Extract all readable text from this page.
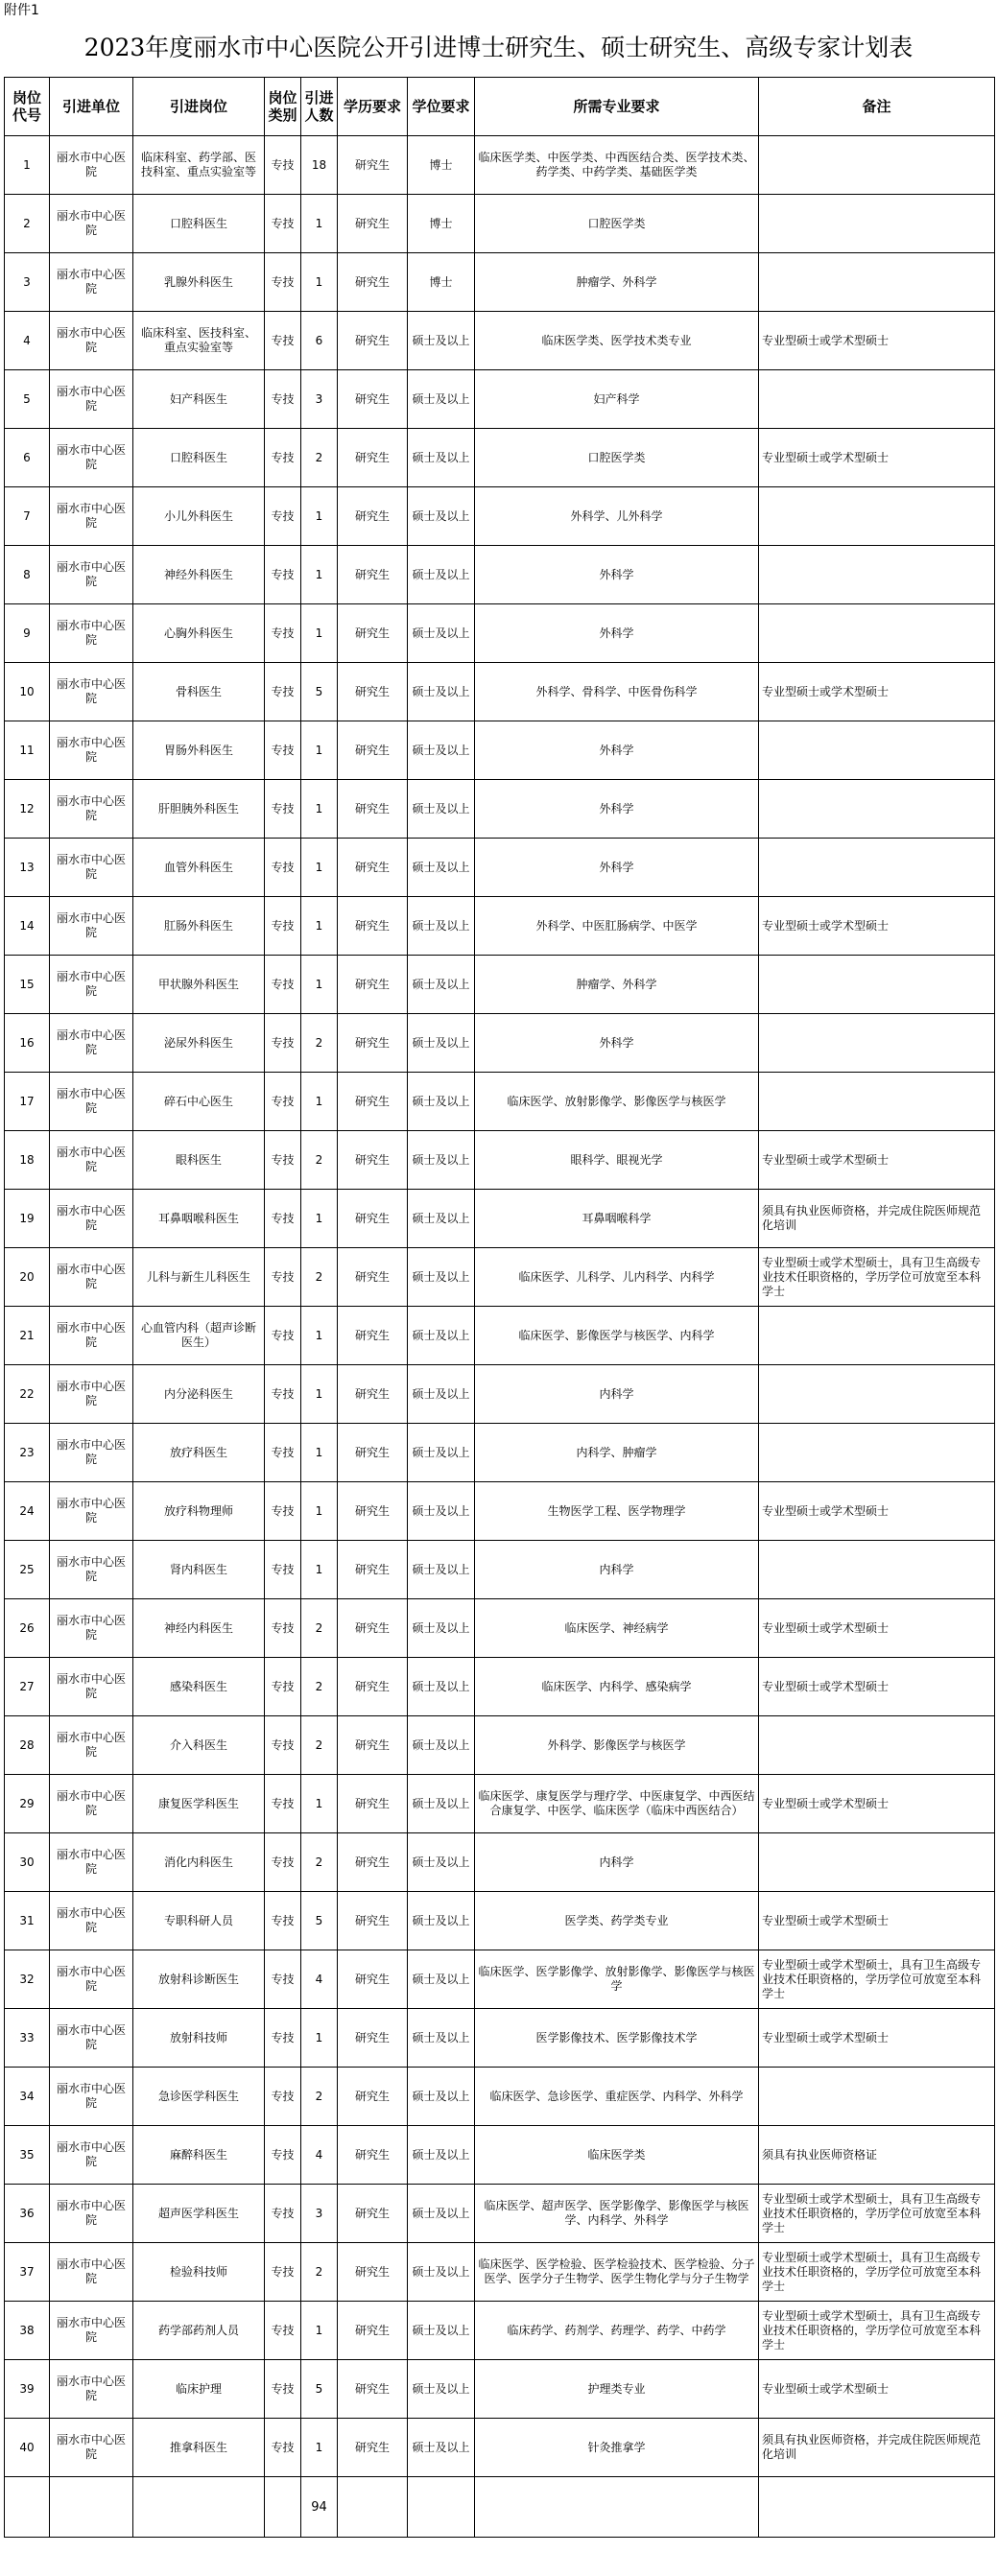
附件1
2023年度丽水市中心医院公开引进博士研究生、硕士研究生、高级专家计划表
岗位代号	引进单位	引进岗位	岗位类别	引进人数	学历要求	学位要求	所需专业要求	备注
1	丽水市中心医院	临床科室、药学部、医技科室、重点实验室等	专技	18	研究生	博士	临床医学类、中医学类、中西医结合类、医学技术类、药学类、中药学类、基础医学类	
2	丽水市中心医院	口腔科医生	专技	1	研究生	博士	口腔医学类	
3	丽水市中心医院	乳腺外科医生	专技	1	研究生	博士	肿瘤学、外科学	
4	丽水市中心医院	临床科室、医技科室、重点实验室等	专技	6	研究生	硕士及以上	临床医学类、医学技术类专业	专业型硕士或学术型硕士
5	丽水市中心医院	妇产科医生	专技	3	研究生	硕士及以上	妇产科学	
6	丽水市中心医院	口腔科医生	专技	2	研究生	硕士及以上	口腔医学类	专业型硕士或学术型硕士
7	丽水市中心医院	小儿外科医生	专技	1	研究生	硕士及以上	外科学、儿外科学	
8	丽水市中心医院	神经外科医生	专技	1	研究生	硕士及以上	外科学	
9	丽水市中心医院	心胸外科医生	专技	1	研究生	硕士及以上	外科学	
10	丽水市中心医院	骨科医生	专技	5	研究生	硕士及以上	外科学、骨科学、中医骨伤科学	专业型硕士或学术型硕士
11	丽水市中心医院	胃肠外科医生	专技	1	研究生	硕士及以上	外科学	
12	丽水市中心医院	肝胆胰外科医生	专技	1	研究生	硕士及以上	外科学	
13	丽水市中心医院	血管外科医生	专技	1	研究生	硕士及以上	外科学	
14	丽水市中心医院	肛肠外科医生	专技	1	研究生	硕士及以上	外科学、中医肛肠病学、中医学	专业型硕士或学术型硕士
15	丽水市中心医院	甲状腺外科医生	专技	1	研究生	硕士及以上	肿瘤学、外科学	
16	丽水市中心医院	泌尿外科医生	专技	2	研究生	硕士及以上	外科学	
17	丽水市中心医院	碎石中心医生	专技	1	研究生	硕士及以上	临床医学、放射影像学、影像医学与核医学	
18	丽水市中心医院	眼科医生	专技	2	研究生	硕士及以上	眼科学、眼视光学	专业型硕士或学术型硕士
19	丽水市中心医院	耳鼻咽喉科医生	专技	1	研究生	硕士及以上	耳鼻咽喉科学	须具有执业医师资格，并完成住院医师规范化培训
20	丽水市中心医院	儿科与新生儿科医生	专技	2	研究生	硕士及以上	临床医学、儿科学、儿内科学、内科学	专业型硕士或学术型硕士，具有卫生高级专业技术任职资格的，学历学位可放宽至本科学士
21	丽水市中心医院	心血管内科（超声诊断医生）	专技	1	研究生	硕士及以上	临床医学、影像医学与核医学、内科学	
22	丽水市中心医院	内分泌科医生	专技	1	研究生	硕士及以上	内科学	
23	丽水市中心医院	放疗科医生	专技	1	研究生	硕士及以上	内科学、肿瘤学	
24	丽水市中心医院	放疗科物理师	专技	1	研究生	硕士及以上	生物医学工程、医学物理学	专业型硕士或学术型硕士
25	丽水市中心医院	肾内科医生	专技	1	研究生	硕士及以上	内科学	
26	丽水市中心医院	神经内科医生	专技	2	研究生	硕士及以上	临床医学、神经病学	专业型硕士或学术型硕士
27	丽水市中心医院	感染科医生	专技	2	研究生	硕士及以上	临床医学、内科学、感染病学	专业型硕士或学术型硕士
28	丽水市中心医院	介入科医生	专技	2	研究生	硕士及以上	外科学、影像医学与核医学	
29	丽水市中心医院	康复医学科医生	专技	1	研究生	硕士及以上	临床医学、康复医学与理疗学、中医康复学、中西医结合康复学、中医学、临床医学（临床中西医结合）	专业型硕士或学术型硕士
30	丽水市中心医院	消化内科医生	专技	2	研究生	硕士及以上	内科学	
31	丽水市中心医院	专职科研人员	专技	5	研究生	硕士及以上	医学类、药学类专业	专业型硕士或学术型硕士
32	丽水市中心医院	放射科诊断医生	专技	4	研究生	硕士及以上	临床医学、医学影像学、放射影像学、影像医学与核医学	专业型硕士或学术型硕士，具有卫生高级专业技术任职资格的，学历学位可放宽至本科学士
33	丽水市中心医院	放射科技师	专技	1	研究生	硕士及以上	医学影像技术、医学影像技术学	专业型硕士或学术型硕士
34	丽水市中心医院	急诊医学科医生	专技	2	研究生	硕士及以上	临床医学、急诊医学、重症医学、内科学、外科学	
35	丽水市中心医院	麻醉科医生	专技	4	研究生	硕士及以上	临床医学类	须具有执业医师资格证
36	丽水市中心医院	超声医学科医生	专技	3	研究生	硕士及以上	临床医学、超声医学、医学影像学、影像医学与核医学、内科学、外科学	专业型硕士或学术型硕士，具有卫生高级专业技术任职资格的，学历学位可放宽至本科学士
37	丽水市中心医院	检验科技师	专技	2	研究生	硕士及以上	临床医学、医学检验、医学检验技术、医学检验、分子医学、医学分子生物学、医学生物化学与分子生物学	专业型硕士或学术型硕士，具有卫生高级专业技术任职资格的，学历学位可放宽至本科学士
38	丽水市中心医院	药学部药剂人员	专技	1	研究生	硕士及以上	临床药学、药剂学、药理学、药学、中药学	专业型硕士或学术型硕士，具有卫生高级专业技术任职资格的，学历学位可放宽至本科学士
39	丽水市中心医院	临床护理	专技	5	研究生	硕士及以上	护理类专业	专业型硕士或学术型硕士
40	丽水市中心医院	推拿科医生	专技	1	研究生	硕士及以上	针灸推拿学	须具有执业医师资格，并完成住院医师规范化培训
				94				
